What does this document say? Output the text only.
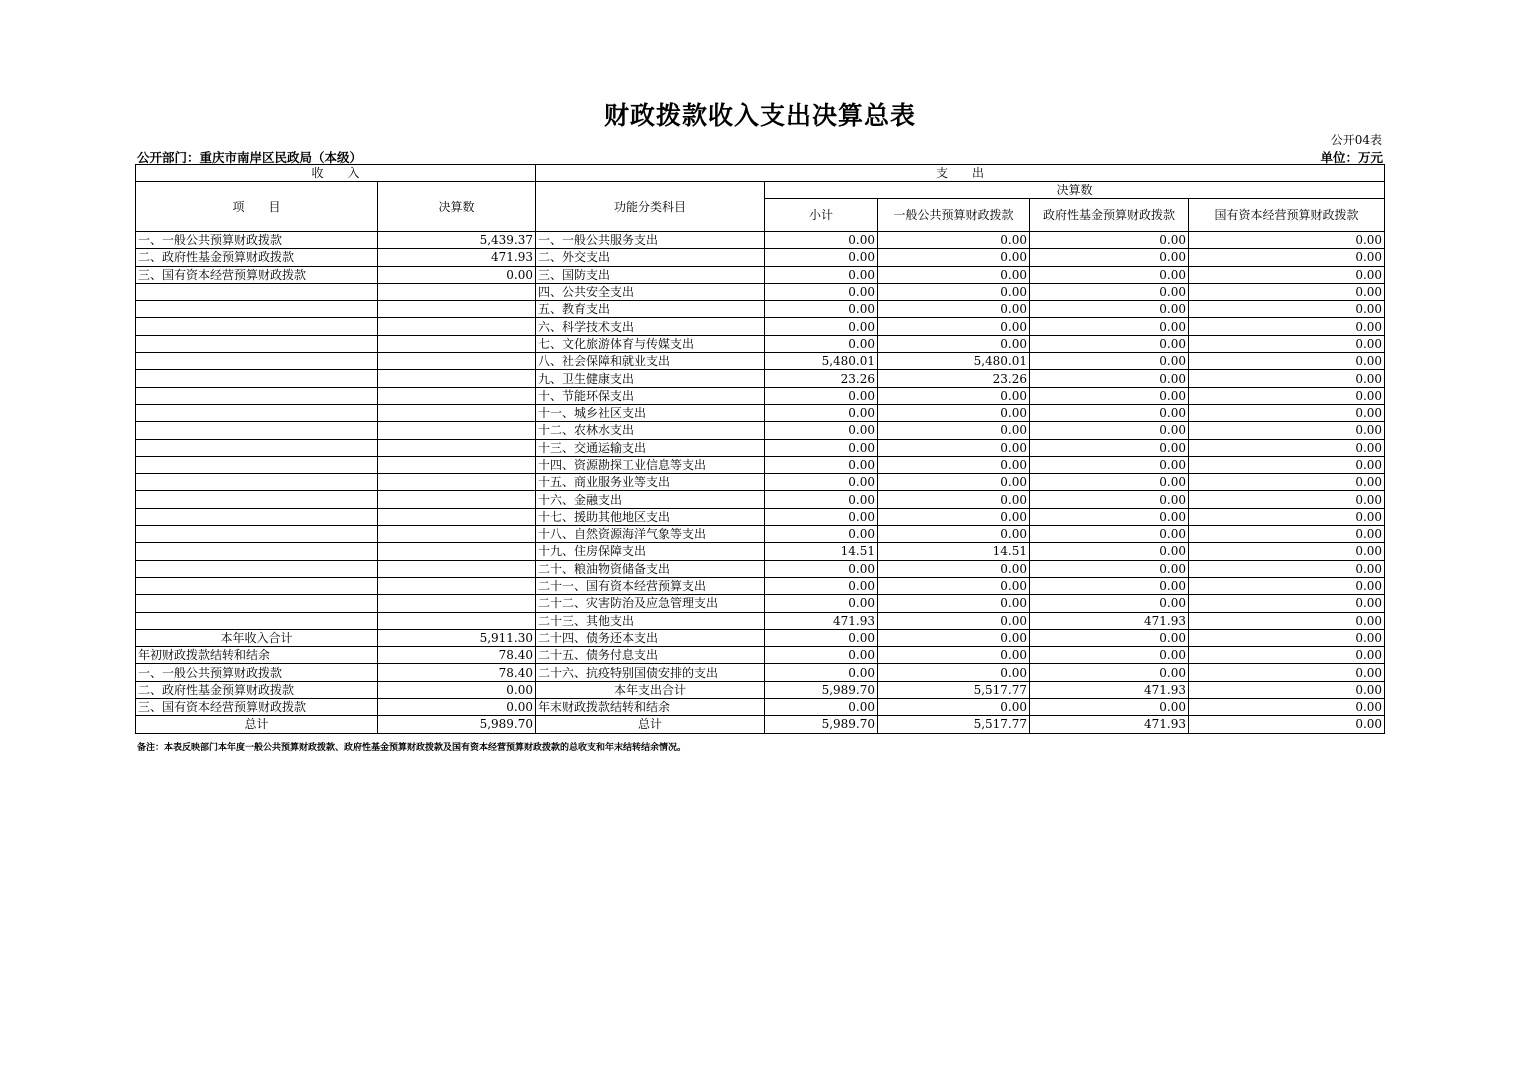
财政拨款收入支出决算总表
公开04表
公开部门：重庆市南岸区民政局（本级）	单位：万元
收　　入		支　　出				
项　　目	决算数	功能分类科目	决算数			
			小计	一般公共预算财政拨款	政府性基金预算财政拨款	国有资本经营预算财政拨款
一、一般公共预算财政拨款	5,439.37	一、一般公共服务支出	0.00	0.00	0.00	0.00
二、政府性基金预算财政拨款	471.93	二、外交支出	0.00	0.00	0.00	0.00
三、国有资本经营预算财政拨款	0.00	三、国防支出	0.00	0.00	0.00	0.00
		四、公共安全支出	0.00	0.00	0.00	0.00
		五、教育支出	0.00	0.00	0.00	0.00
		六、科学技术支出	0.00	0.00	0.00	0.00
		七、文化旅游体育与传媒支出	0.00	0.00	0.00	0.00
		八、社会保障和就业支出	5,480.01	5,480.01	0.00	0.00
		九、卫生健康支出	23.26	23.26	0.00	0.00
		十、节能环保支出	0.00	0.00	0.00	0.00
		十一、城乡社区支出	0.00	0.00	0.00	0.00
		十二、农林水支出	0.00	0.00	0.00	0.00
		十三、交通运输支出	0.00	0.00	0.00	0.00
		十四、资源勘探工业信息等支出	0.00	0.00	0.00	0.00
		十五、商业服务业等支出	0.00	0.00	0.00	0.00
		十六、金融支出	0.00	0.00	0.00	0.00
		十七、援助其他地区支出	0.00	0.00	0.00	0.00
		十八、自然资源海洋气象等支出	0.00	0.00	0.00	0.00
		十九、住房保障支出	14.51	14.51	0.00	0.00
		二十、粮油物资储备支出	0.00	0.00	0.00	0.00
		二十一、国有资本经营预算支出	0.00	0.00	0.00	0.00
		二十二、灾害防治及应急管理支出	0.00	0.00	0.00	0.00
		二十三、其他支出	471.93	0.00	471.93	0.00
本年收入合计	5,911.30	二十四、债务还本支出	0.00	0.00	0.00	0.00
年初财政拨款结转和结余	78.40	二十五、债务付息支出	0.00	0.00	0.00	0.00
一、一般公共预算财政拨款	78.40	二十六、抗疫特别国债安排的支出	0.00	0.00	0.00	0.00
二、政府性基金预算财政拨款	0.00	本年支出合计	5,989.70	5,517.77	471.93	0.00
三、国有资本经营预算财政拨款	0.00	年末财政拨款结转和结余	0.00	0.00	0.00	0.00
总计	5,989.70	总计	5,989.70	5,517.77	471.93	0.00
备注：本表反映部门本年度一般公共预算财政拨款、政府性基金预算财政拨款及国有资本经营预算财政拨款的总收支和年末结转结余情况。
